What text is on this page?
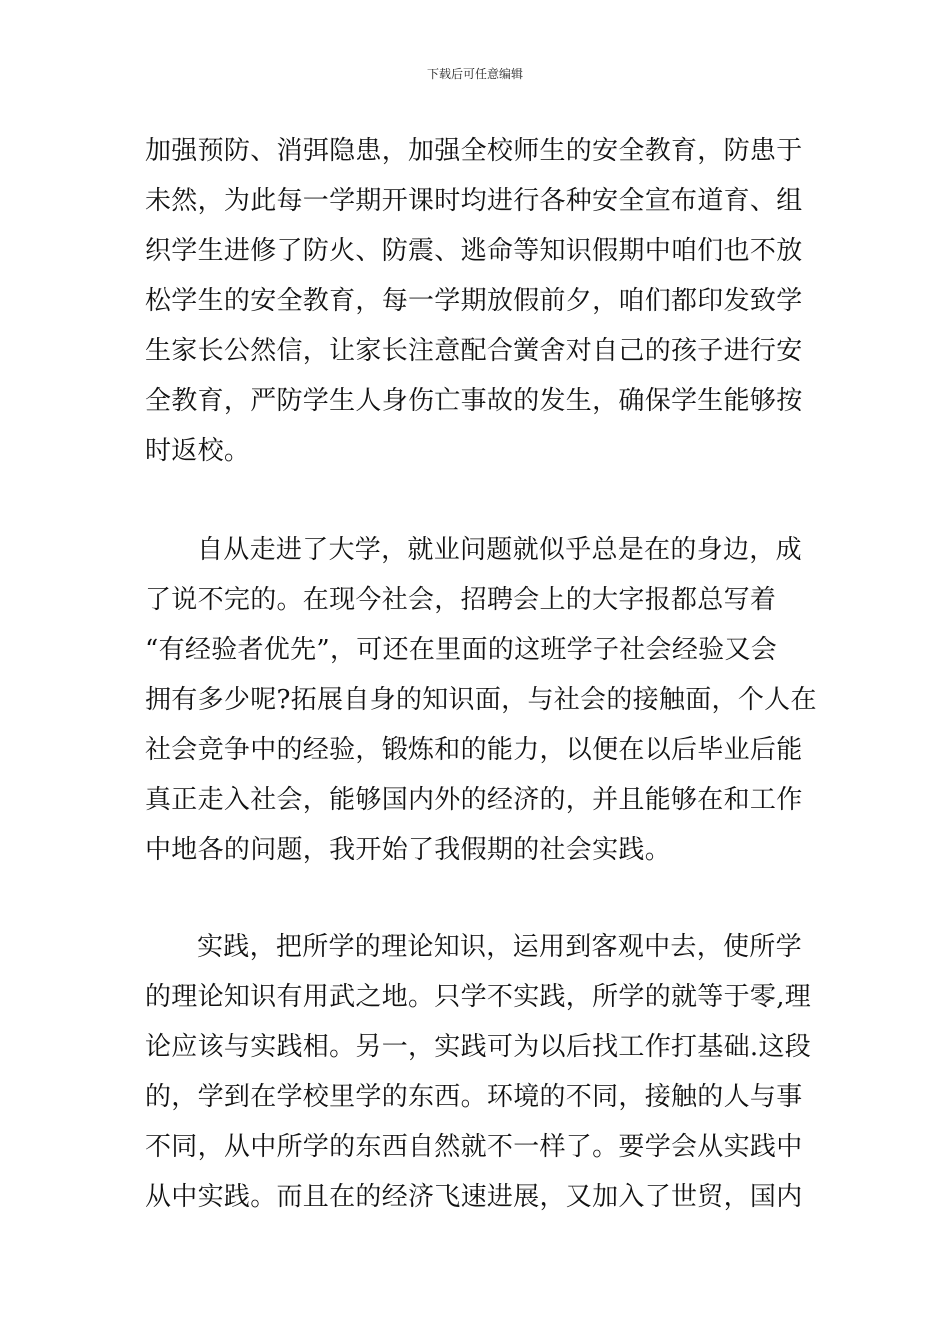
下载后可任意编辑
加强预防、消弭隐患，加强全校师生的安全教育，防患于
未然，为此每一学期开课时均进行各种安全宣布道育、组
织学生进修了防火、防震、逃命等知识假期中咱们也不放
松学生的安全教育，每一学期放假前夕，咱们都印发致学
生家长公然信，让家长注意配合黉舍对自己的孩子进行安
全教育，严防学生人身伤亡事故的发生，确保学生能够按
时返校。
自从走进了大学，就业问题就似乎总是在的身边，成
了说不完的。在现今社会，招聘会上的大字报都总写着
“有经验者优先”，可还在里面的这班学子社会经验又会
拥有多少呢?拓展自身的知识面，与社会的接触面，个人在
社会竞争中的经验，锻炼和的能力，以便在以后毕业后能
真正走入社会，能够国内外的经济的，并且能够在和工作
中地各的问题，我开始了我假期的社会实践。
实践，把所学的理论知识，运用到客观中去，使所学
的理论知识有用武之地。只学不实践，所学的就等于零,理
论应该与实践相。另一，实践可为以后找工作打基础.这段
的，学到在学校里学的东西。环境的不同，接触的人与事
不同，从中所学的东西自然就不一样了。要学会从实践中
从中实践。而且在的经济飞速进展，又加入了世贸，国内
